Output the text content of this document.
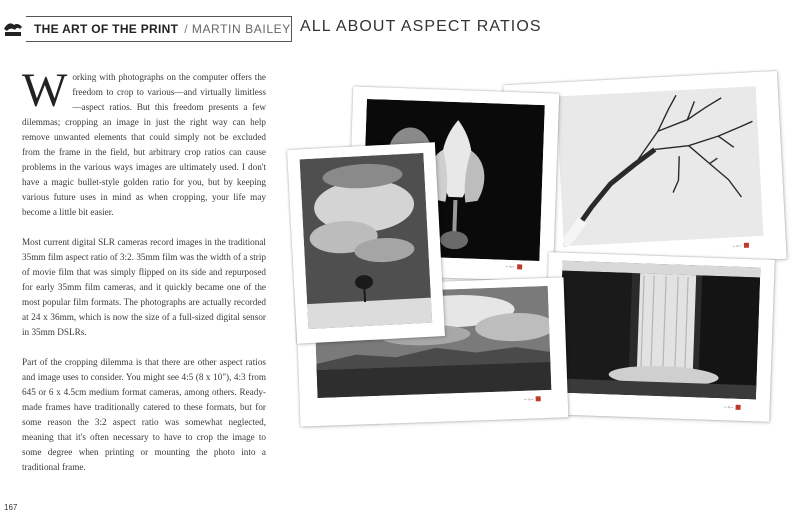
THE ART OF THE PRINT / MARTIN BAILEY ALL ABOUT ASPECT RATIOS

W orking with photographs on the computer offers the freedom to crop to various—and virtually limitless—aspect ratios. But this freedom presents a few dilemmas; cropping an image in just the right way can help remove unwanted elements that could simply not be excluded from the frame in the field, but arbitrary crop ratios can cause problems in the various ways images are ultimately used. I don't have a magic bullet-style golden ratio for you, but by keeping various future uses in mind as when cropping, your life may become a little bit easier.

Most current digital SLR cameras record images in the traditional 35mm film aspect ratio of 3:2. 35mm film was the width of a strip of movie film that was simply flipped on its side and repurposed for early 35mm film cameras, and it quickly became one of the most popular film formats. The photographs are actually recorded at 24 x 36mm, which is now the size of a full-sized digital sensor in 35mm DSLRs.

Part of the cropping dilemma is that there are other aspect ratios and image uses to consider. You might see 4:5 (8 x 10"), 4:3 from 645 or 6 x 4.5cm medium format cameras, among others. Ready-made frames have traditionally catered to these formats, but for some reason the 3:2 aspect ratio was somewhat neglected, meaning that it's often necessary to have to crop the image to some degree when printing or mounting the photo into a traditional frame.

167
~∿~
~∿~
~∿~
~∿~
